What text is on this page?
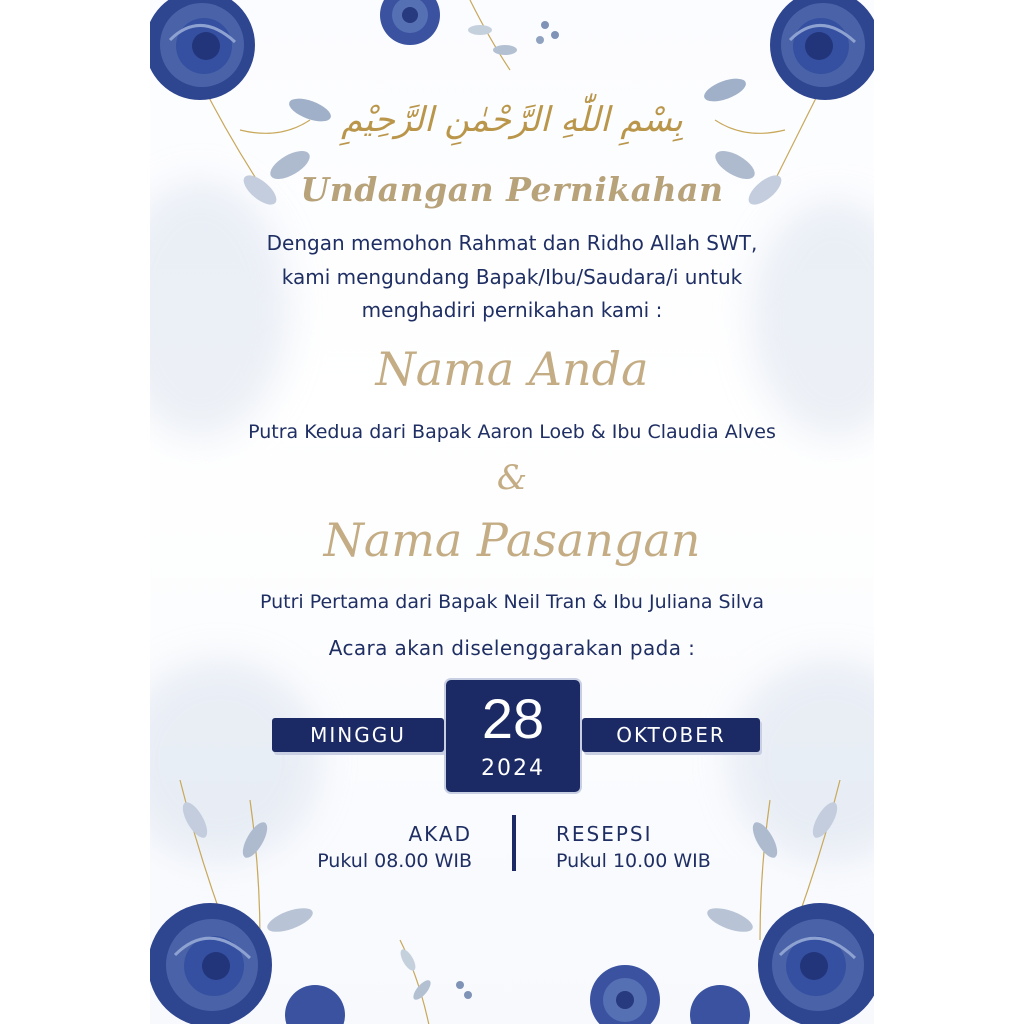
بِسْمِ اللّٰهِ الرَّحْمٰنِ الرَّحِيْمِ
Undangan Pernikahan
Dengan memohon Rahmat dan Ridho Allah SWT,
kami mengundang Bapak/Ibu/Saudara/i untuk
menghadiri pernikahan kami :
Nama Anda
Putra Kedua dari Bapak Aaron Loeb & Ibu Claudia Alves
&
Nama Pasangan
Putri Pertama dari Bapak Neil Tran & Ibu Juliana Silva
Acara akan diselenggarakan pada :
MINGGU	OKTOBER
28
2024
AKAD
Pukul 08.00 WIB
RESEPSI
Pukul 10.00 WIB
